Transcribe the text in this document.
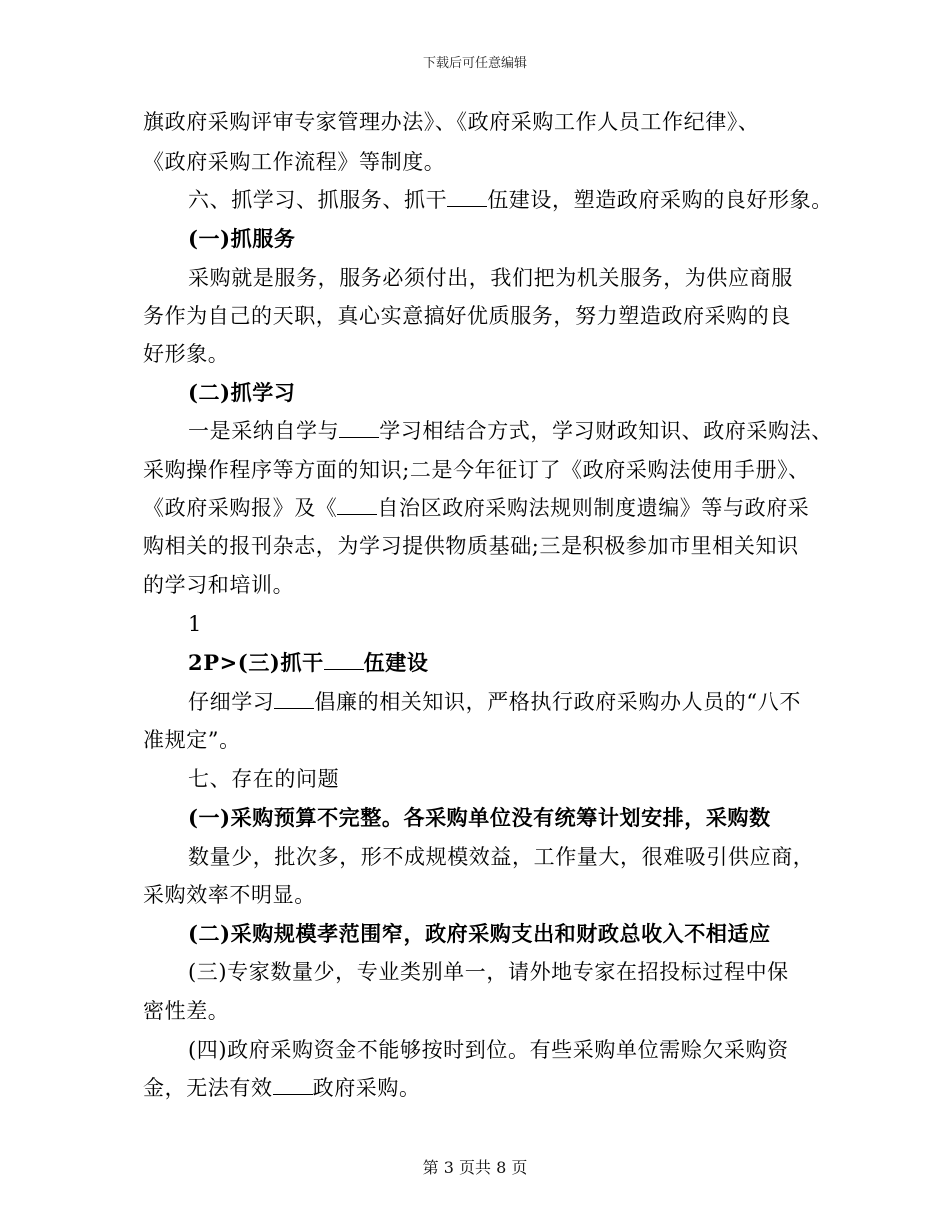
下载后可任意编辑
旗政府采购评审专家管理办法》、《政府采购工作人员工作纪律》、
《政府采购工作流程》等制度。
六、抓学习、抓服务、抓干 伍建设，塑造政府采购的良好形象。
(一)抓服务
采购就是服务，服务必须付出，我们把为机关服务，为供应商服
务作为自己的天职，真心实意搞好优质服务，努力塑造政府采购的良
好形象。
(二)抓学习
一是采纳自学与 学习相结合方式，学习财政知识、政府采购法、
采购操作程序等方面的知识;二是今年征订了《政府采购法使用手册》、
《政府采购报》及《 自治区政府采购法规则制度遗编》等与政府采
购相关的报刊杂志，为学习提供物质基础;三是积极参加市里相关知识
的学习和培训。
1
2P>(三)抓干 伍建设
仔细学习 倡廉的相关知识，严格执行政府采购办人员的“八不
准规定”。
七、存在的问题
(一)采购预算不完整。各采购单位没有统筹计划安排，采购数
数量少，批次多，形不成规模效益，工作量大，很难吸引供应商，
采购效率不明显。
(二)采购规模孝范围窄，政府采购支出和财政总收入不相适应
(三)专家数量少，专业类别单一，请外地专家在招投标过程中保
密性差。
(四)政府采购资金不能够按时到位。有些采购单位需赊欠采购资
金，无法有效 政府采购。
第 3 页共 8 页
